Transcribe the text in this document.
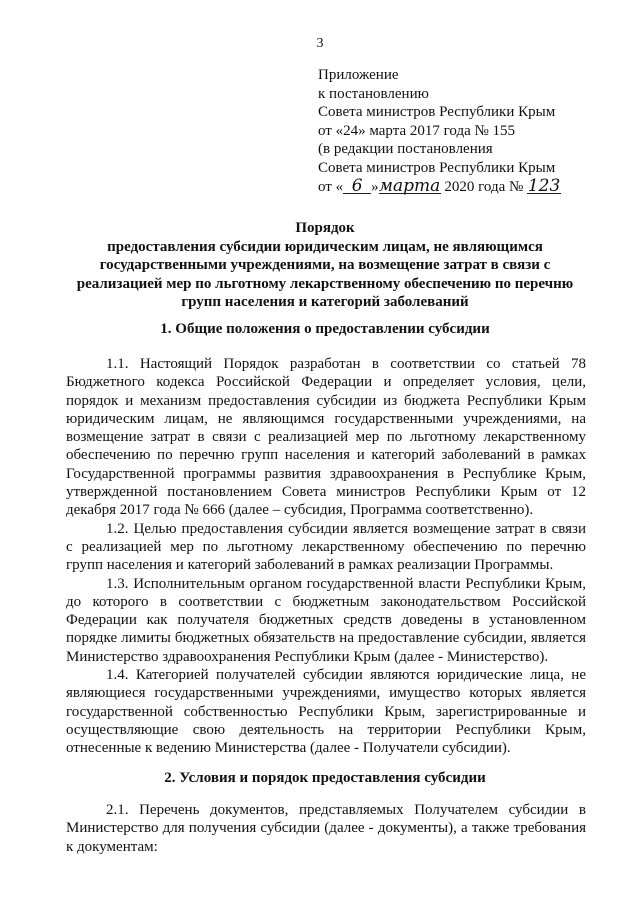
3
Приложение
к постановлению
Совета министров Республики Крым
от «24» марта 2017 года № 155
(в редакции постановления
Совета министров Республики Крым
от « 6 »марта 2020 года № 123
Порядок
предоставления субсидии юридическим лицам, не являющимся
государственными учреждениями, на возмещение затрат в связи с
реализацией мер по льготному лекарственному обеспечению по перечню
групп населения и категорий заболеваний
1. Общие положения о предоставлении субсидии

1.1. Настоящий Порядок разработан в соответствии со статьей 78 Бюджетного кодекса Российской Федерации и определяет условия, цели, порядок и механизм предоставления субсидии из бюджета Республики Крым юридическим лицам, не являющимся государственными учреждениями, на возмещение затрат в связи с реализацией мер по льготному лекарственному обеспечению по перечню групп населения и категорий заболеваний в рамках Государственной программы развития здравоохранения в Республике Крым, утвержденной постановлением Совета министров Республики Крым от 12 декабря 2017 года № 666 (далее – субсидия, Программа соответственно).

1.2. Целью предоставления субсидии является возмещение затрат в связи с реализацией мер по льготному лекарственному обеспечению по перечню групп населения и категорий заболеваний в рамках реализации Программы.

1.3. Исполнительным органом государственной власти Республики Крым, до которого в соответствии с бюджетным законодательством Российской Федерации как получателя бюджетных средств доведены в установленном порядке лимиты бюджетных обязательств на предоставление субсидии, является Министерство здравоохранения Республики Крым (далее - Министерство).

1.4. Категорией получателей субсидии являются юридические лица, не являющиеся государственными учреждениями, имущество которых является государственной собственностью Республики Крым, зарегистрированные и осуществляющие свою деятельность на территории Республики Крым, отнесенные к ведению Министерства (далее - Получатели субсидии).

2. Условия и порядок предоставления субсидии

2.1. Перечень документов, представляемых Получателем субсидии в Министерство для получения субсидии (далее - документы), а также требования к документам:
